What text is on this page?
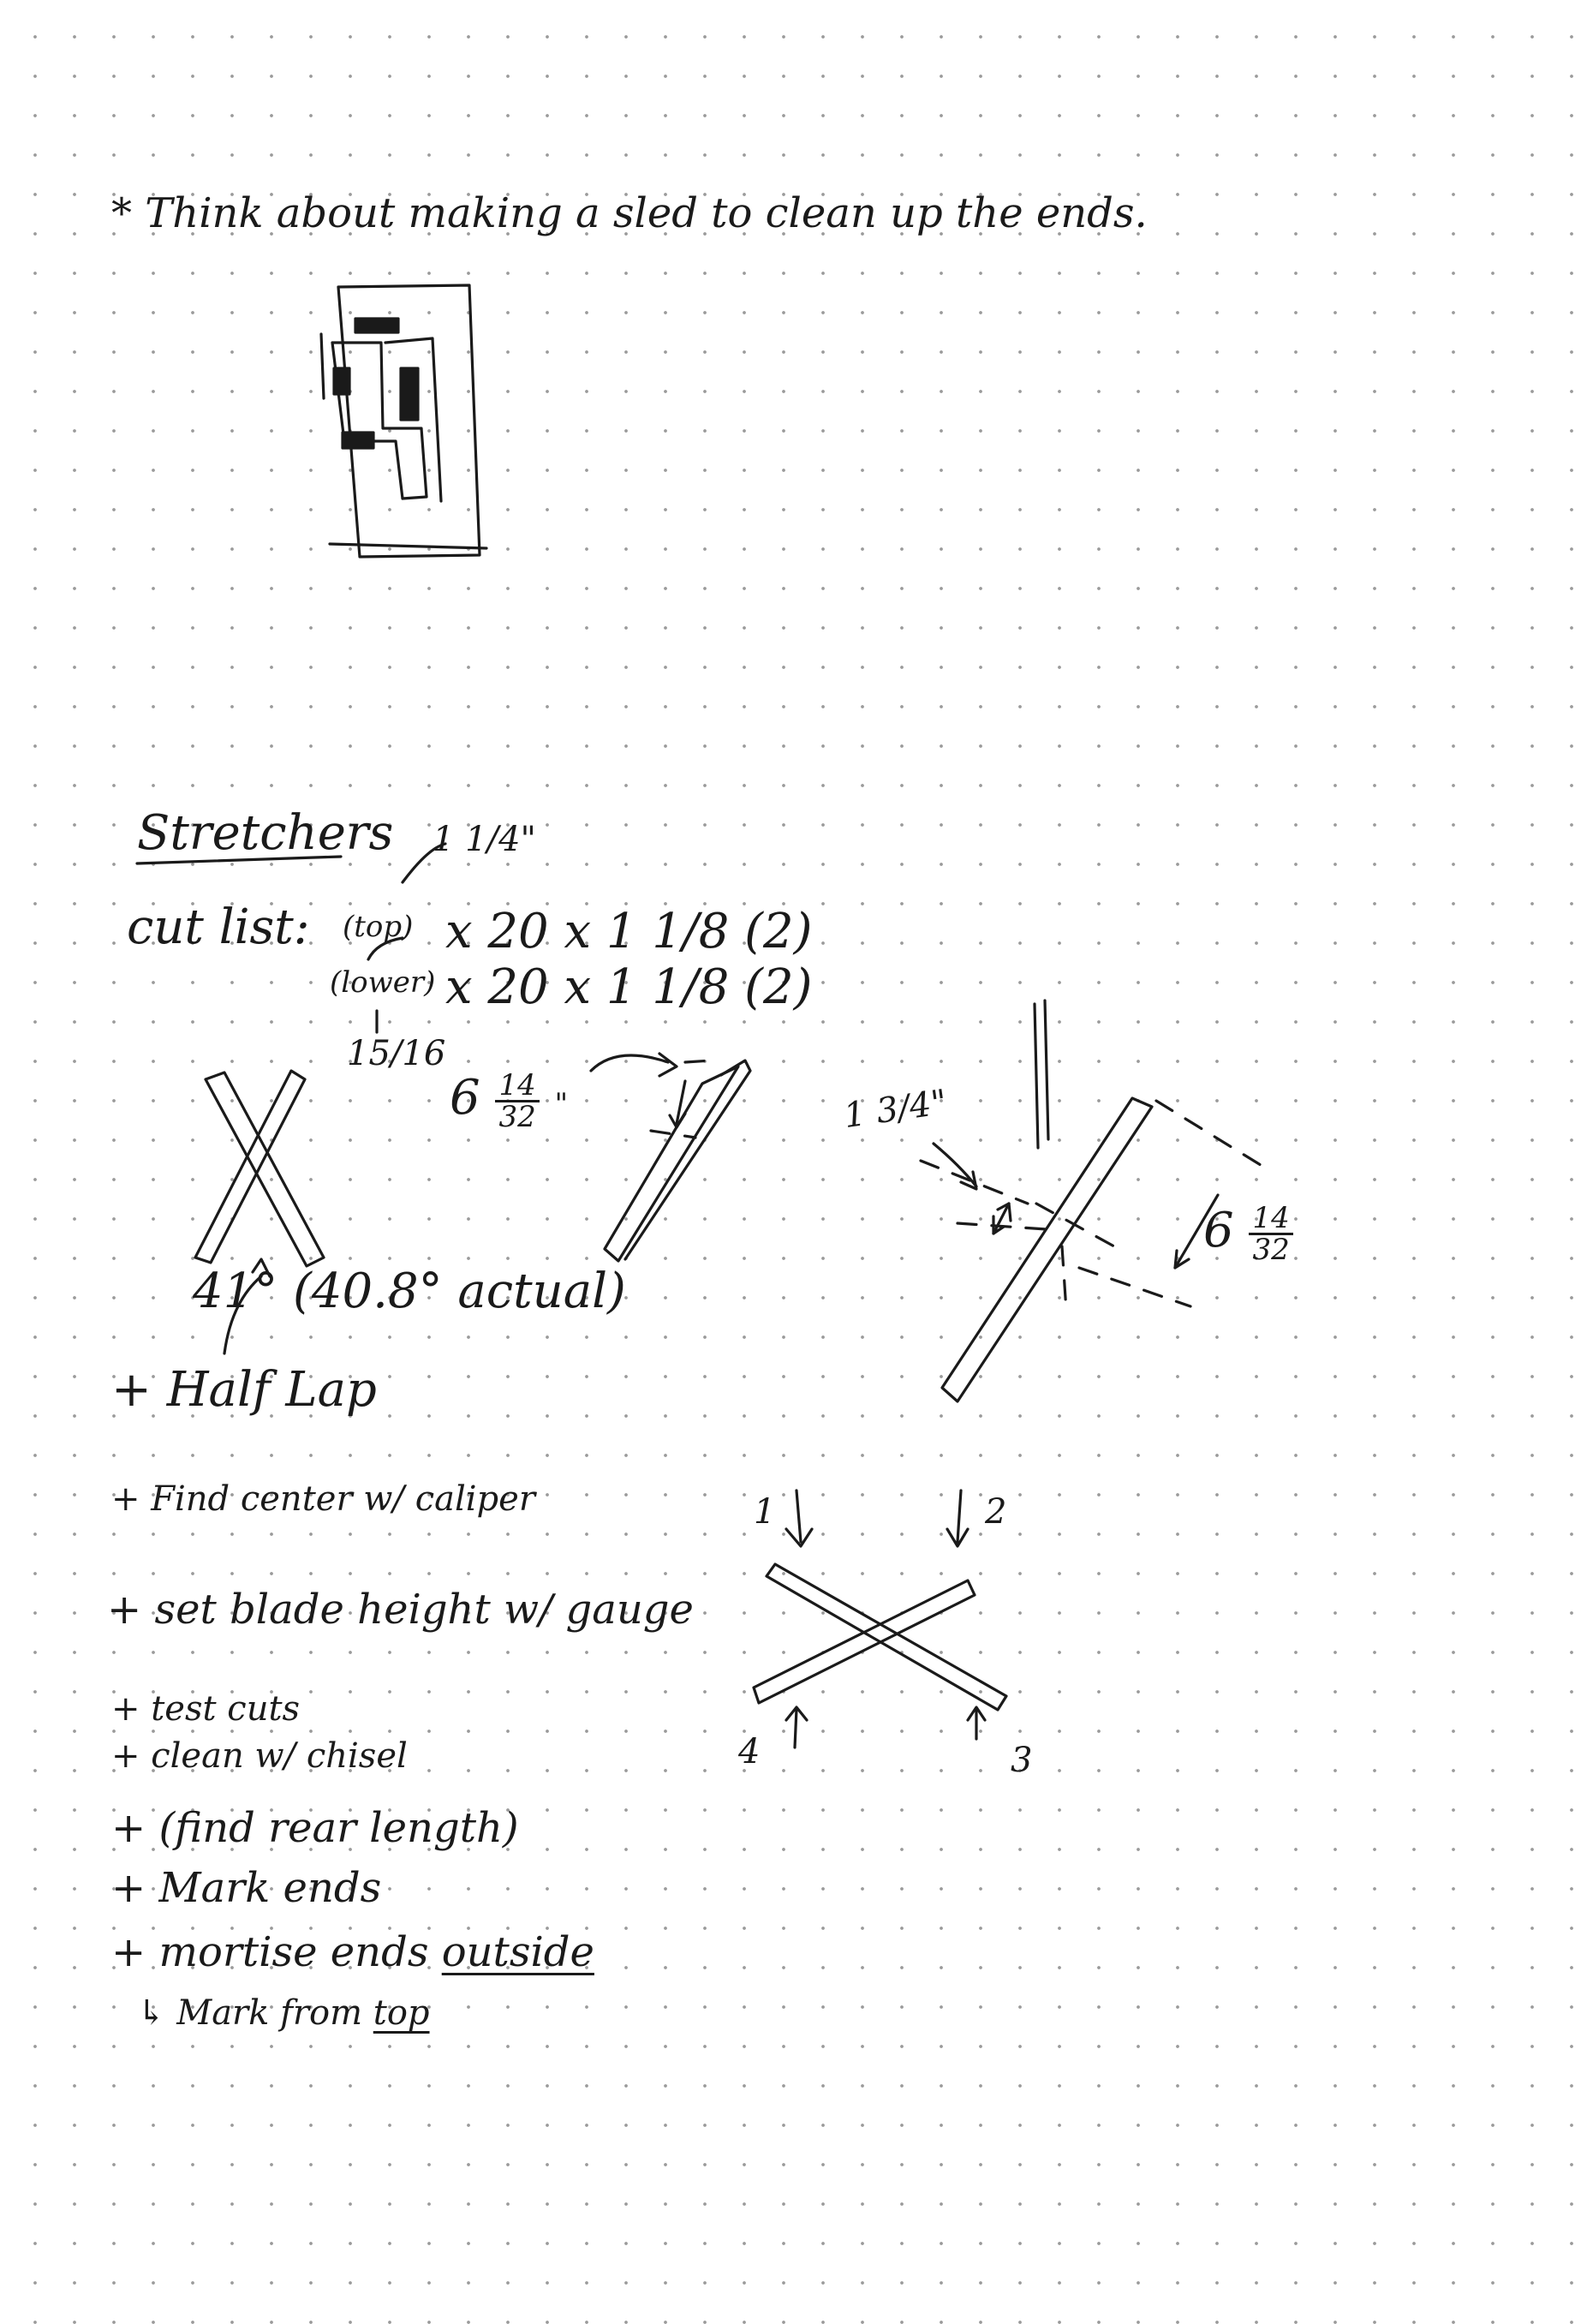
* Think about making a sled to clean up the ends.
Stretchers 1 1/4"
cut list: (top) x 20 x 1 1/8 (2)
(lower) x 20 x 1 1/8 (2)
15/16
$6 \frac{14}{32}$ "	1 3/4"
$6 \frac{14}{32}$
41° (40.8° actual)
+ Half Lap
+ Find center w/ caliper
+ set blade height w/ gauge
+ test cuts
+ clean w/ chisel
+ (find rear length)
+ Mark ends
+ mortise ends outside
↳ Mark from top
1	2
3
4
